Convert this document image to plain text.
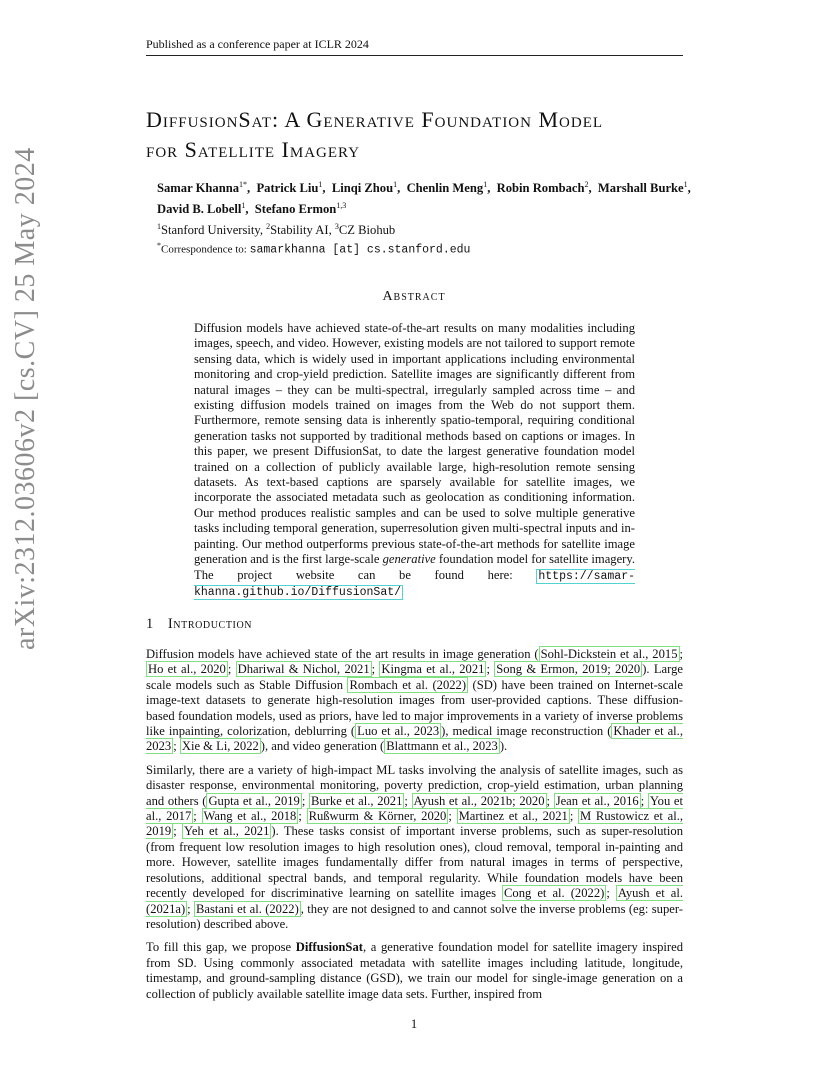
Published as a conference paper at ICLR 2024
arXiv:2312.03606v2 [cs.CV] 25 May 2024
DiffusionSat: A Generative Foundation Model
for Satellite Imagery
Samar Khanna$^{1*}$,  Patrick Liu$^1$,  Linqi Zhou$^1$,  Chenlin Meng$^1$,  Robin Rombach$^2$,  Marshall Burke$^1$,  David B. Lobell$^1$,  Stefano Ermon$^{1,3}$
$^1$Stanford University, $^2$Stability AI, $^3$CZ Biohub
*Correspondence to: samarkhanna [at] cs.stanford.edu
Abstract

Diffusion models have achieved state-of-the-art results on many modalities including images, speech, and video. However, existing models are not tailored to support remote sensing data, which is widely used in important applications including environmental monitoring and crop-yield prediction. Satellite images are significantly different from natural images – they can be multi-spectral, irregularly sampled across time – and existing diffusion models trained on images from the Web do not support them. Furthermore, remote sensing data is inherently spatio-temporal, requiring conditional generation tasks not supported by traditional methods based on captions or images. In this paper, we present DiffusionSat, to date the largest generative foundation model trained on a collection of publicly available large, high-resolution remote sensing datasets. As text-based captions are sparsely available for satellite images, we incorporate the associated metadata such as geolocation as conditioning information. Our method produces realistic samples and can be used to solve multiple generative tasks including temporal generation, superresolution given multi-spectral inputs and in-painting. Our method outperforms previous state-of-the-art methods for satellite image generation and is the first large-scale generative foundation model for satellite imagery. The project website can be found here: https://samar-khanna.github.io/DiffusionSat/

1 Introduction

Diffusion models have achieved state of the art results in image generation ( Sohl-Dickstein et al., 2015 ; Ho et al., 2020 ; Dhariwal & Nichol, 2021 ; Kingma et al., 2021 ; Song & Ermon, 2019; 2020 ). Large scale models such as Stable Diffusion Rombach et al. (2022) (SD) have been trained on Internet-scale image-text datasets to generate high-resolution images from user-provided captions. These diffusion-based foundation models, used as priors, have led to major improvements in a variety of inverse problems like inpainting, colorization, deblurring ( Luo et al., 2023 ), medical image reconstruction ( Khader et al., 2023 ; Xie & Li, 2022 ), and video generation ( Blattmann et al., 2023 ).

Similarly, there are a variety of high-impact ML tasks involving the analysis of satellite images, such as disaster response, environmental monitoring, poverty prediction, crop-yield estimation, urban planning and others ( Gupta et al., 2019 ; Burke et al., 2021 ; Ayush et al., 2021b; 2020 ; Jean et al., 2016 ; You et al., 2017 ; Wang et al., 2018 ; Rußwurm & Körner, 2020 ; Martinez et al., 2021 ; M Rustowicz et al., 2019 ; Yeh et al., 2021 ). These tasks consist of important inverse problems, such as super-resolution (from frequent low resolution images to high resolution ones), cloud removal, temporal in-painting and more. However, satellite images fundamentally differ from natural images in terms of perspective, resolutions, additional spectral bands, and temporal regularity. While foundation models have been recently developed for discriminative learning on satellite images Cong et al. (2022) ; Ayush et al. (2021a) ; Bastani et al. (2022) , they are not designed to and cannot solve the inverse problems (eg: super-resolution) described above.

To fill this gap, we propose DiffusionSat, a generative foundation model for satellite imagery inspired from SD. Using commonly associated metadata with satellite images including latitude, longitude, timestamp, and ground-sampling distance (GSD), we train our model for single-image generation on a collection of publicly available satellite image data sets. Further, inspired from

1
